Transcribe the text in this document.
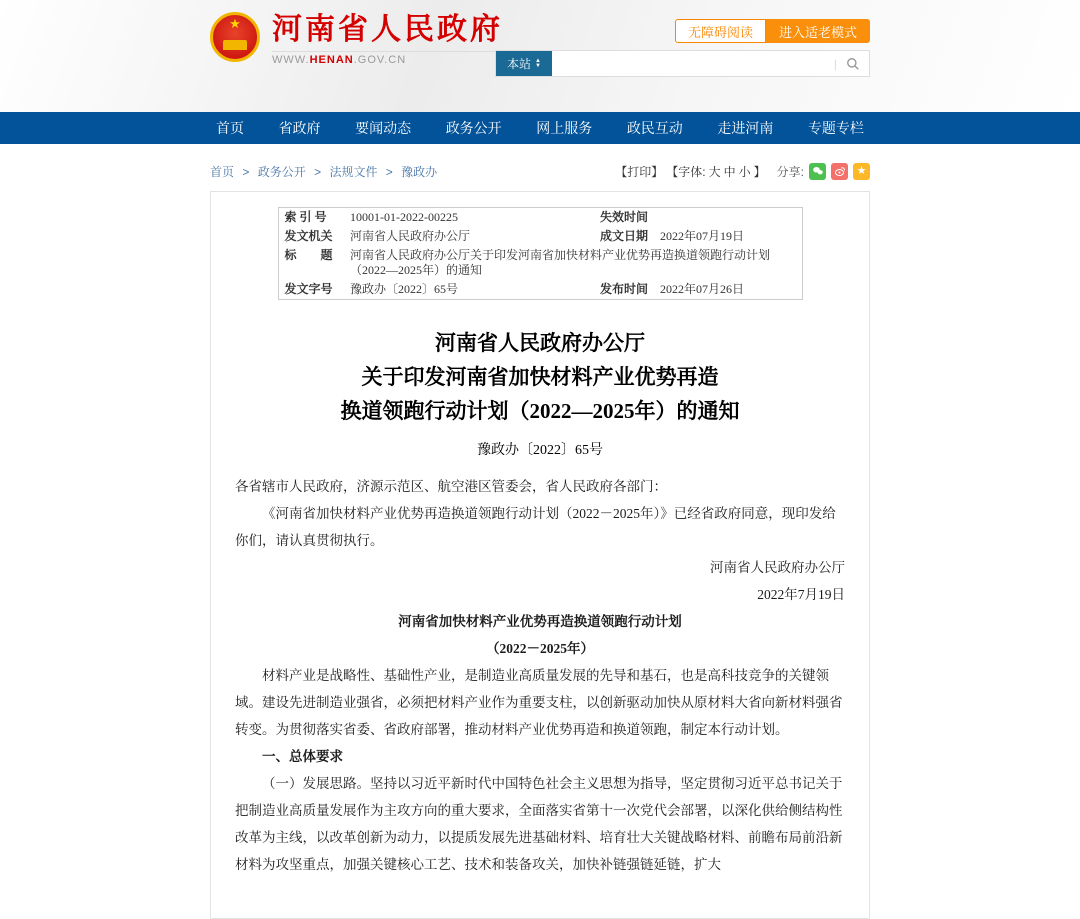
★	河南省人民政府
WWW.HENAN.GOV.CN
无障碍阅读	进入适老模式
本站 ▲
▼	|
首页	省政府	要闻动态	政务公开	网上服务	政民互动	走进河南	专题专栏
首页 > 政务公开 > 法规文件 > 豫政办	【打印】 【字体: 大 中 小 】 分享:	★
索 引 号	10001-01-2022-00225	失效时间	
发文机关	河南省人民政府办公厅	成文日期	2022年07月19日
标　　题	河南省人民政府办公厅关于印发河南省加快材料产业优势再造换道领跑行动计划（2022—2025年）的通知		
发文字号	豫政办〔2022〕65号	发布时间	2022年07月26日
河南省人民政府办公厅
关于印发河南省加快材料产业优势再造
换道领跑行动计划（2022—2025年）的通知
豫政办〔2022〕65号

各省辖市人民政府，济源示范区、航空港区管委会，省人民政府各部门：

《河南省加快材料产业优势再造换道领跑行动计划（2022－2025年）》已经省政府同意，现印发给你们，请认真贯彻执行。

河南省人民政府办公厅

2022年7月19日

河南省加快材料产业优势再造换道领跑行动计划

（2022－2025年）

材料产业是战略性、基础性产业，是制造业高质量发展的先导和基石，也是高科技竞争的关键领域。建设先进制造业强省，必须把材料产业作为重要支柱，以创新驱动加快从原材料大省向新材料强省转变。为贯彻落实省委、省政府部署，推动材料产业优势再造和换道领跑，制定本行动计划。

一、总体要求

（一）发展思路。坚持以习近平新时代中国特色社会主义思想为指导，坚定贯彻习近平总书记关于把制造业高质量发展作为主攻方向的重大要求，全面落实省第十一次党代会部署，以深化供给侧结构性改革为主线，以改革创新为动力，以提质发展先进基础材料、培育壮大关键战略材料、前瞻布局前沿新材料为攻坚重点，加强关键核心工艺、技术和装备攻关，加快补链强链延链，扩大
